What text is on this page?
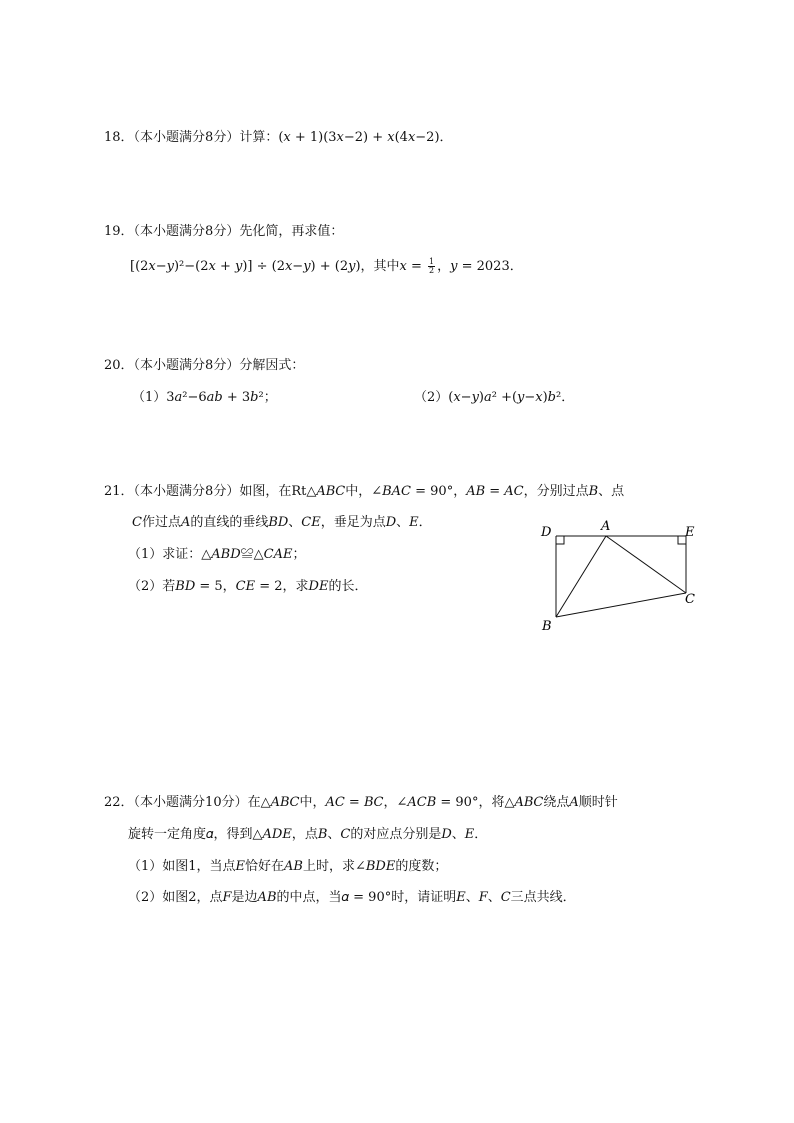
18．（本小题满分8分）计算：(𝑥 + 1)(3𝑥−2) + 𝑥(4𝑥−2)．
19．（本小题满分8分）先化简，再求值：
[(2𝑥−𝑦)²−(2𝑥 + 𝑦)] ÷ (2𝑥−𝑦) + (2𝑦)，其中𝑥 = $\frac{1}{2}$ ，𝑦 = 2023．
20．（本小题满分8分）分解因式：
（1）3𝑎²−6𝑎𝑏 + 3𝑏²；	（2）(𝑥−𝑦)𝑎² +(𝑦−𝑥)𝑏²．
21．（本小题满分8分）如图，在Rt△𝐴𝐵𝐶中，∠𝐵𝐴𝐶 = 90°，𝐴𝐵 = 𝐴𝐶，分别过点𝐵、点
𝐶作过点𝐴的直线的垂线𝐵𝐷、𝐶𝐸，垂足为点𝐷、𝐸．
（1）求证：△𝐴𝐵𝐷≌△𝐶𝐴𝐸；
（2）若𝐵𝐷 = 5，𝐶𝐸 = 2，求𝐷𝐸的长．
D	A	E
B
C
22．（本小题满分10分）在△𝐴𝐵𝐶中，𝐴𝐶 = 𝐵𝐶，∠𝐴𝐶𝐵 = 90°，将△𝐴𝐵𝐶绕点𝐴顺时针
旋转一定角度𝛼，得到△𝐴𝐷𝐸，点𝐵、𝐶的对应点分别是𝐷、𝐸．
（1）如图1，当点𝐸恰好在𝐴𝐵上时，求∠𝐵𝐷𝐸的度数；
（2）如图2，点𝐹是边𝐴𝐵的中点，当𝛼 = 90°时，请证明𝐸、𝐹、𝐶三点共线．
